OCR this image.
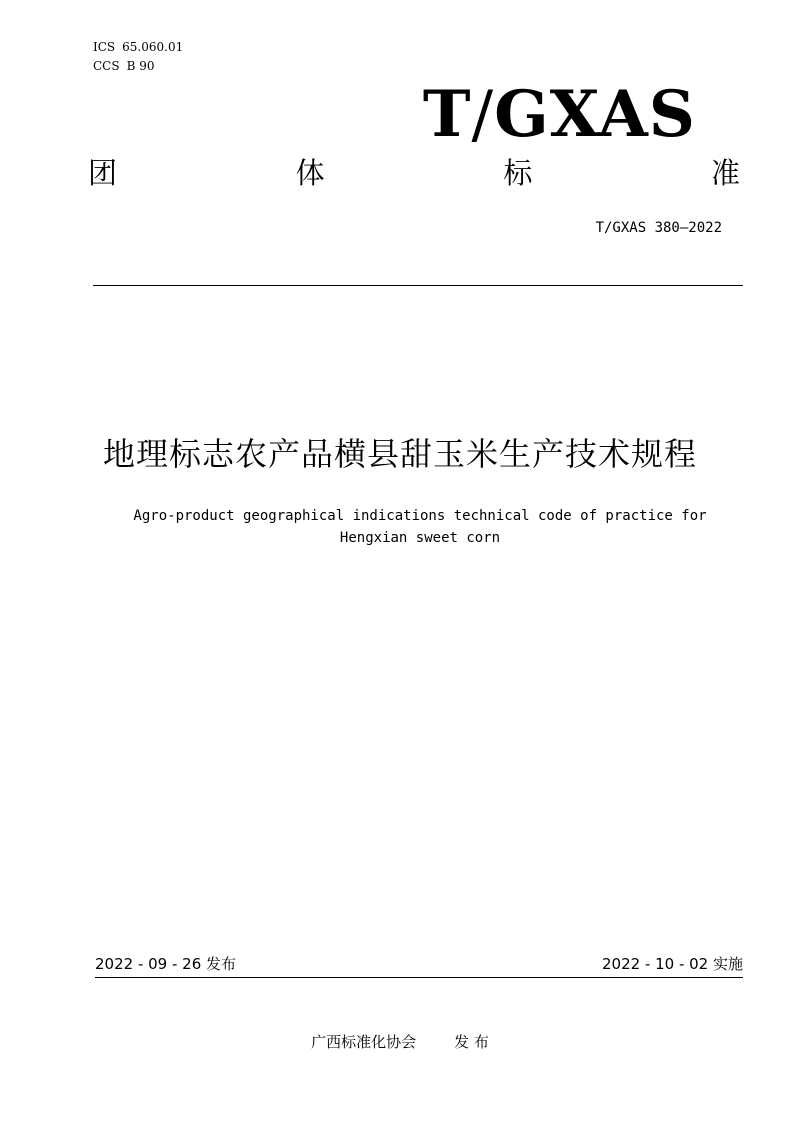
ICS 65.060.01
CCS B 90
T/GXAS
团	体	标	准
T/GXAS 380—2022
地理标志农产品横县甜玉米生产技术规程
Agro-product geographical indications technical code of practice for
Hengxian sweet corn
2022 - 09 - 26 发布	2022 - 10 - 02 实施
广西标准化协会	发 布
